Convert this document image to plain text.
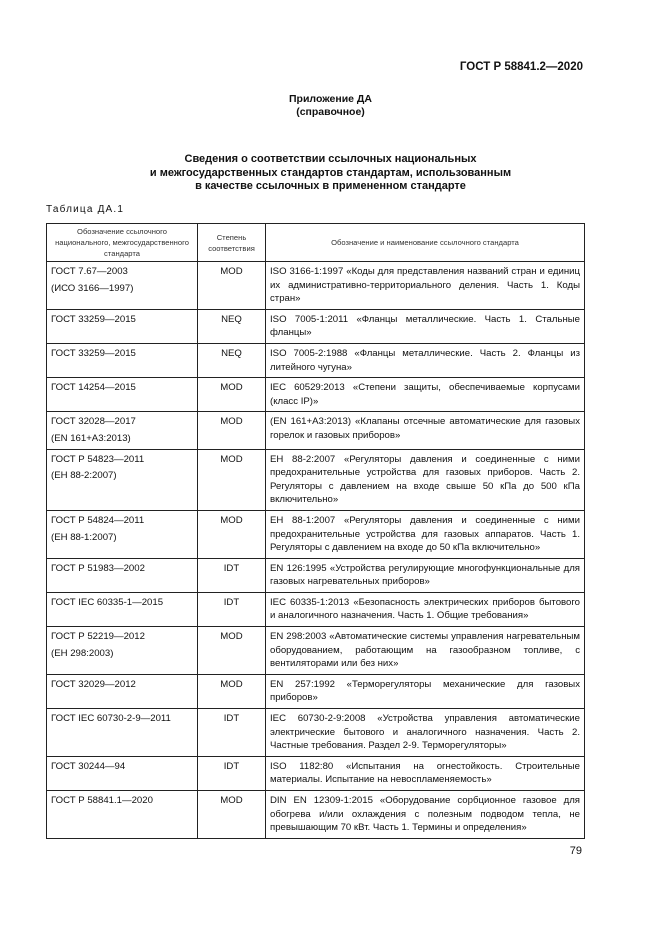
ГОСТ Р 58841.2—2020
Приложение ДА
(справочное)
Сведения о соответствии ссылочных национальных
и межгосударственных стандартов стандартам, использованным
в качестве ссылочных в примененном стандарте
Таблица ДА.1
Обозначение ссылочного национального, межгосударственного стандарта	Степень соответствия	Обозначение и наименование ссылочного стандарта

ГОСТ 7.67—2003
(ИСО 3166—1997)	MOD	ISO 3166-1:1997 «Коды для представления названий стран и единиц их административно-территориального деления. Часть 1. Коды стран»

ГОСТ 33259—2015	NEQ	ISO 7005-1:2011 «Фланцы металлические. Часть 1. Стальные фланцы»

ГОСТ 33259—2015	NEQ	ISO 7005-2:1988 «Фланцы металлические. Часть 2. Фланцы из литейного чугуна»

ГОСТ 14254—2015	MOD	IEC 60529:2013 «Степени защиты, обеспечиваемые корпусами (класс IP)»

ГОСТ 32028—2017
(EN 161+A3:2013)	MOD	(EN 161+A3:2013) «Клапаны отсечные автоматические для газовых горелок и газовых приборов»

ГОСТ Р 54823—2011
(ЕН 88-2:2007)	MOD	ЕН 88-2:2007 «Регуляторы давления и соединенные с ними предохранительные устройства для газовых приборов. Часть 2. Регуляторы с давлением на входе свыше 50 кПа до 500 кПа включительно»

ГОСТ Р 54824—2011
(ЕН 88-1:2007)	MOD	ЕН 88-1:2007 «Регуляторы давления и соединенные с ними предохранительные устройства для газовых аппаратов. Часть 1. Регуляторы с давлением на входе до 50 кПа включительно»

ГОСТ Р 51983—2002	IDT	EN 126:1995 «Устройства регулирующие многофункциональные для газовых нагревательных приборов»

ГОСТ IEC 60335-1—2015	IDT	IEC 60335-1:2013 «Безопасность электрических приборов бытового и аналогичного назначения. Часть 1. Общие требования»

ГОСТ Р 52219—2012
(ЕН 298:2003)	MOD	EN 298:2003 «Автоматические системы управления нагревательным оборудованием, работающим на газообразном топливе, с вентиляторами или без них»

ГОСТ 32029—2012	MOD	EN 257:1992 «Терморегуляторы механические для газовых приборов»

ГОСТ IEC 60730-2-9—2011	IDT	IEC 60730-2-9:2008 «Устройства управления автоматические электрические бытового и аналогичного назначения. Часть 2. Частные требования. Раздел 2-9. Терморегуляторы»

ГОСТ 30244—94	IDT	ISO 1182:80 «Испытания на огнестойкость. Строительные материалы. Испытание на невоспламеняемость»

ГОСТ Р 58841.1—2020	MOD	DIN EN 12309-1:2015 «Оборудование сорбционное газовое для обогрева и/или охлаждения с полезным подводом тепла, не превышающим 70 кВт. Часть 1. Термины и определения»
79
